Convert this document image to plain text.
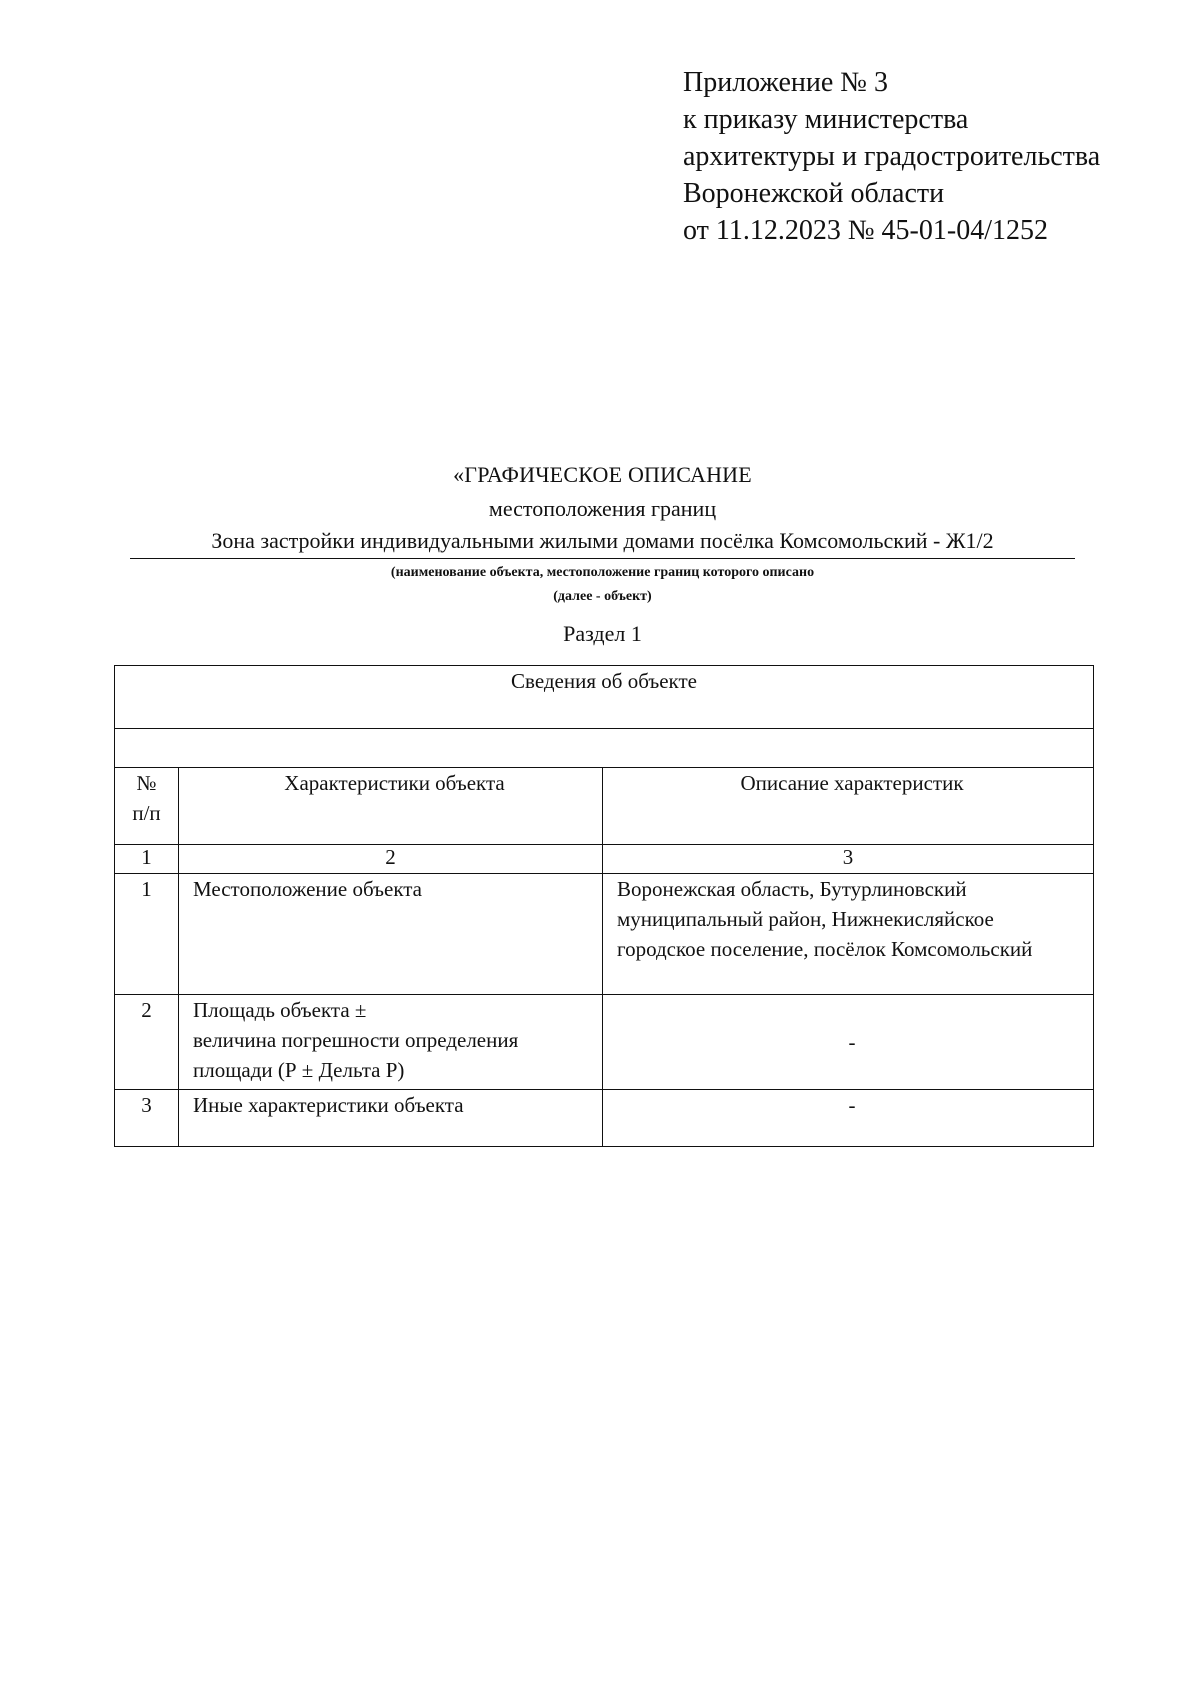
Приложение № 3
к приказу министерства
архитектуры и градостроительства
Воронежской области
от 11.12.2023 № 45-01-04/1252
«ГРАФИЧЕСКОЕ ОПИСАНИЕ
местоположения границ
Зона застройки индивидуальными жилыми домами посёлка Комсомольский - Ж1/2
(наименование объекта, местоположение границ которого описано
(далее - объект)
Раздел 1
Сведения об объекте		

№
п/п	Характеристики объекта	Описание характеристик
1	2	3
1	Местоположение объекта	Воронежская область, Бутурлиновский муниципальный район, Нижнекисляйское городское поселение, посёлок Комсомольский
2	Площадь объекта ±
величина погрешности определения площади (Р ± Дельта Р)	-
3	Иные характеристики объекта	-
